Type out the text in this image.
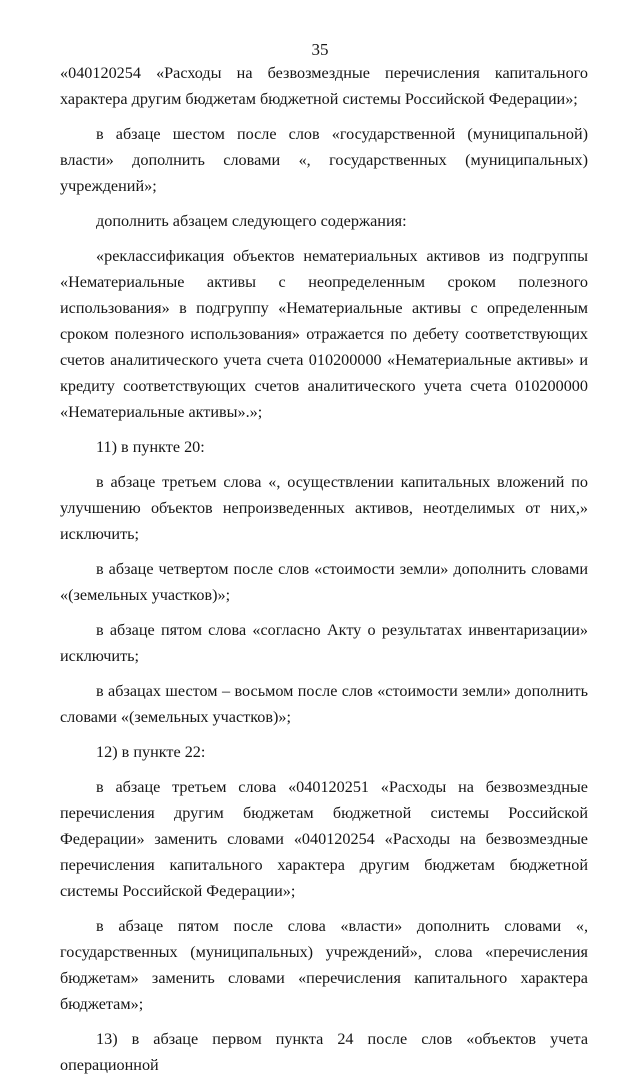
35

«040120254 «Расходы на безвозмездные перечисления капитального характера другим бюджетам бюджетной системы Российской Федерации»;

в абзаце шестом после слов «государственной (муниципальной) власти» дополнить словами «, государственных (муниципальных) учреждений»;

дополнить абзацем следующего содержания:

«реклассификация объектов нематериальных активов из подгруппы «Нематериальные активы с неопределенным сроком полезного использования» в подгруппу «Нематериальные активы с определенным сроком полезного использования» отражается по дебету соответствующих счетов аналитического учета счета 010200000 «Нематериальные активы» и кредиту соответствующих счетов аналитического учета счета 010200000 «Нематериальные активы».»;

11) в пункте 20:

в абзаце третьем слова «, осуществлении капитальных вложений по улучшению объектов непроизведенных активов, неотделимых от них,» исключить;

в абзаце четвертом после слов «стоимости земли» дополнить словами «(земельных участков)»;

в абзаце пятом слова «согласно Акту о результатах инвентаризации» исключить;

в абзацах шестом – восьмом после слов «стоимости земли» дополнить словами «(земельных участков)»;

12) в пункте 22:

в абзаце третьем слова «040120251 «Расходы на безвозмездные перечисления другим бюджетам бюджетной системы Российской Федерации» заменить словами «040120254 «Расходы на безвозмездные перечисления капитального характера другим бюджетам бюджетной системы Российской Федерации»;

в абзаце пятом после слова «власти» дополнить словами «, государственных (муниципальных) учреждений», слова «перечисления бюджетам» заменить словами «перечисления капитального характера бюджетам»;

13) в абзаце первом пункта 24 после слов «объектов учета операционной
